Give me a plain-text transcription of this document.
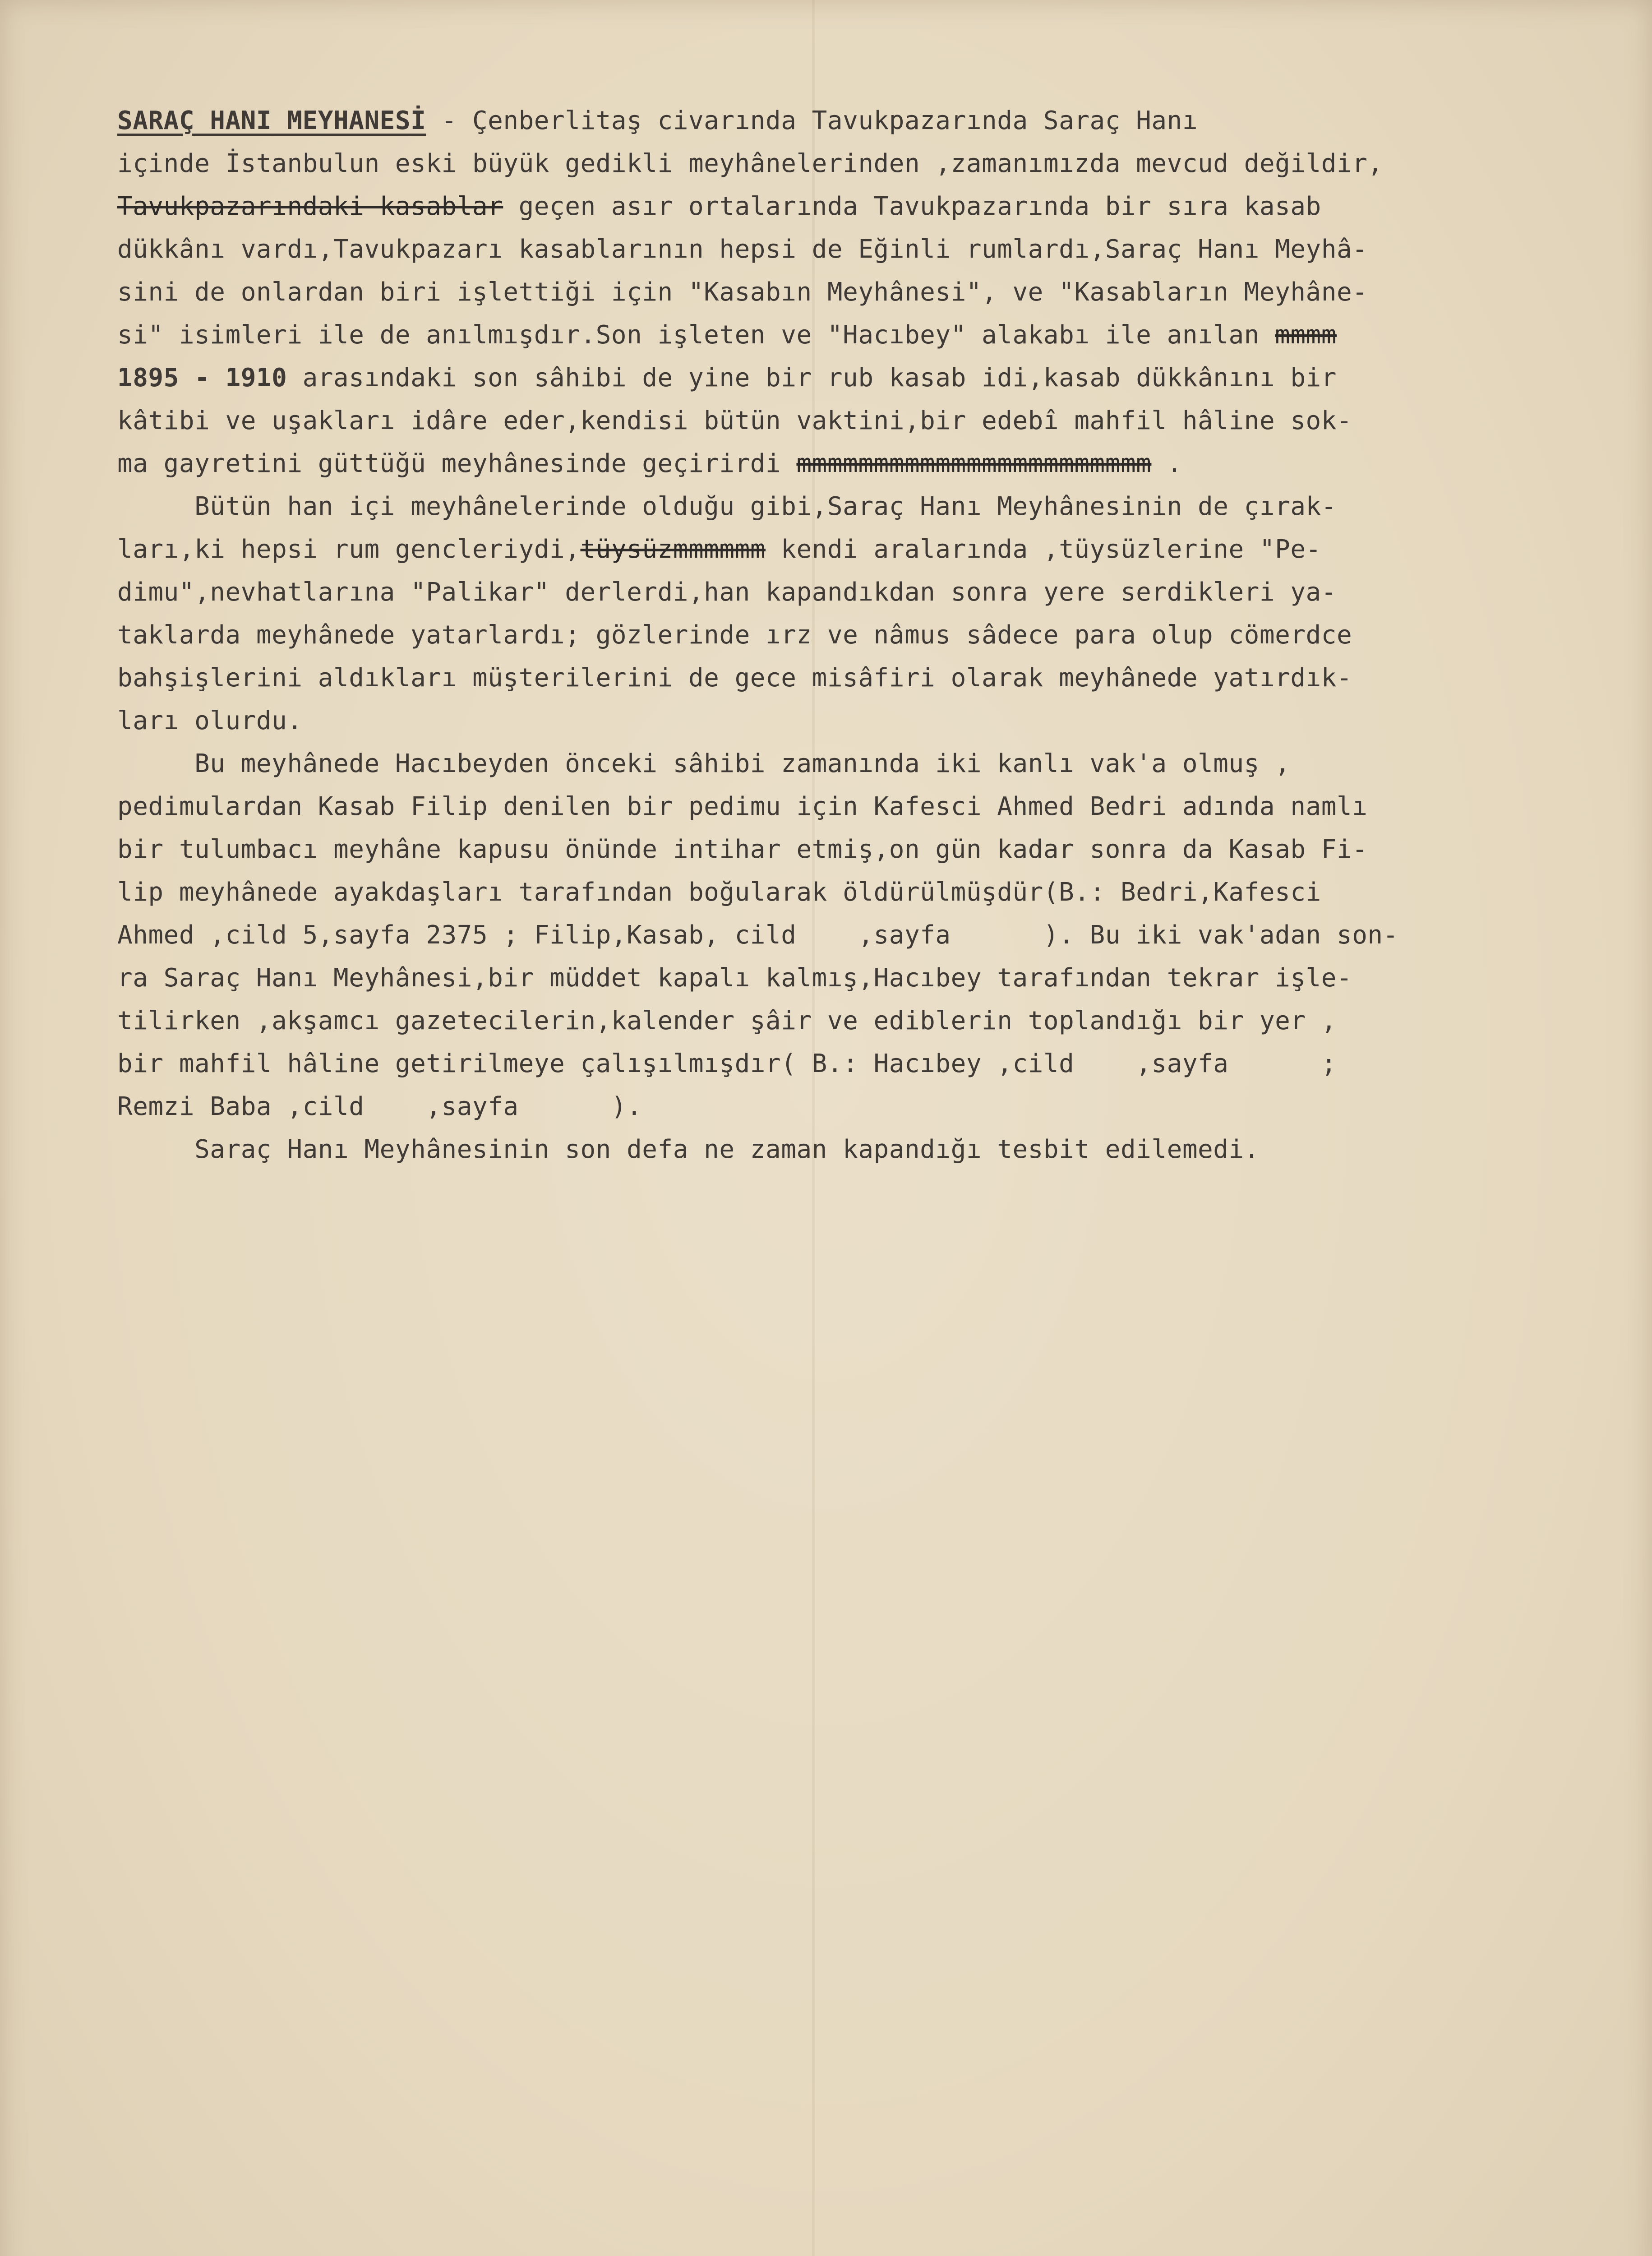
SARAÇ HANI MEYHANESİ - Çenberlitaş civarında Tavukpazarında Saraç Hanı
içinde İstanbulun eski büyük gedikli meyhânelerinden ,zamanımızda mevcud değildir,
Tavukpazarındaki kasablar geçen asır ortalarında Tavukpazarında bir sıra kasab
dükkânı vardı,Tavukpazarı kasablarının hepsi de Eğinli rumlardı,Saraç Hanı Meyhâ-
sini de onlardan biri işlettiği için "Kasabın Meyhânesi", ve "Kasabların Meyhâne-
si" isimleri ile de anılmışdır.Son işleten ve "Hacıbey" alakabı ile anılan mmmm
1895 - 1910 arasındaki son sâhibi de yine bir rub kasab idi,kasab dükkânını bir
kâtibi ve uşakları idâre eder,kendisi bütün vaktini,bir edebî mahfil hâline sok-
ma gayretini güttüğü meyhânesinde geçirirdi mmmmmmmmmmmmmmmmmmmmmmm .
Bütün han içi meyhânelerinde olduğu gibi,Saraç Hanı Meyhânesinin de çırak-
ları,ki hepsi rum gencleriydi,tüysüzmmmmmm kendi aralarında ,tüysüzlerine "Pe-
dimu",nevhatlarına "Palikar" derlerdi,han kapandıkdan sonra yere serdikleri ya-
taklarda meyhânede yatarlardı; gözlerinde ırz ve nâmus sâdece para olup cömerdce
bahşişlerini aldıkları müşterilerini de gece misâfiri olarak meyhânede yatırdık-
ları olurdu.
Bu meyhânede Hacıbeyden önceki sâhibi zamanında iki kanlı vak'a olmuş ,
pedimulardan Kasab Filip denilen bir pedimu için Kafesci Ahmed Bedri adında namlı
bir tulumbacı meyhâne kapusu önünde intihar etmiş,on gün kadar sonra da Kasab Fi-
lip meyhânede ayakdaşları tarafından boğularak öldürülmüşdür(B.: Bedri,Kafesci
Ahmed ,cild 5,sayfa 2375 ; Filip,Kasab, cild    ,sayfa      ). Bu iki vak'adan son-
ra Saraç Hanı Meyhânesi,bir müddet kapalı kalmış,Hacıbey tarafından tekrar işle-
tilirken ,akşamcı gazetecilerin,kalender şâir ve ediblerin toplandığı bir yer ,
bir mahfil hâline getirilmeye çalışılmışdır( B.: Hacıbey ,cild    ,sayfa      ;
Remzi Baba ,cild    ,sayfa      ).
Saraç Hanı Meyhânesinin son defa ne zaman kapandığı tesbit edilemedi.
